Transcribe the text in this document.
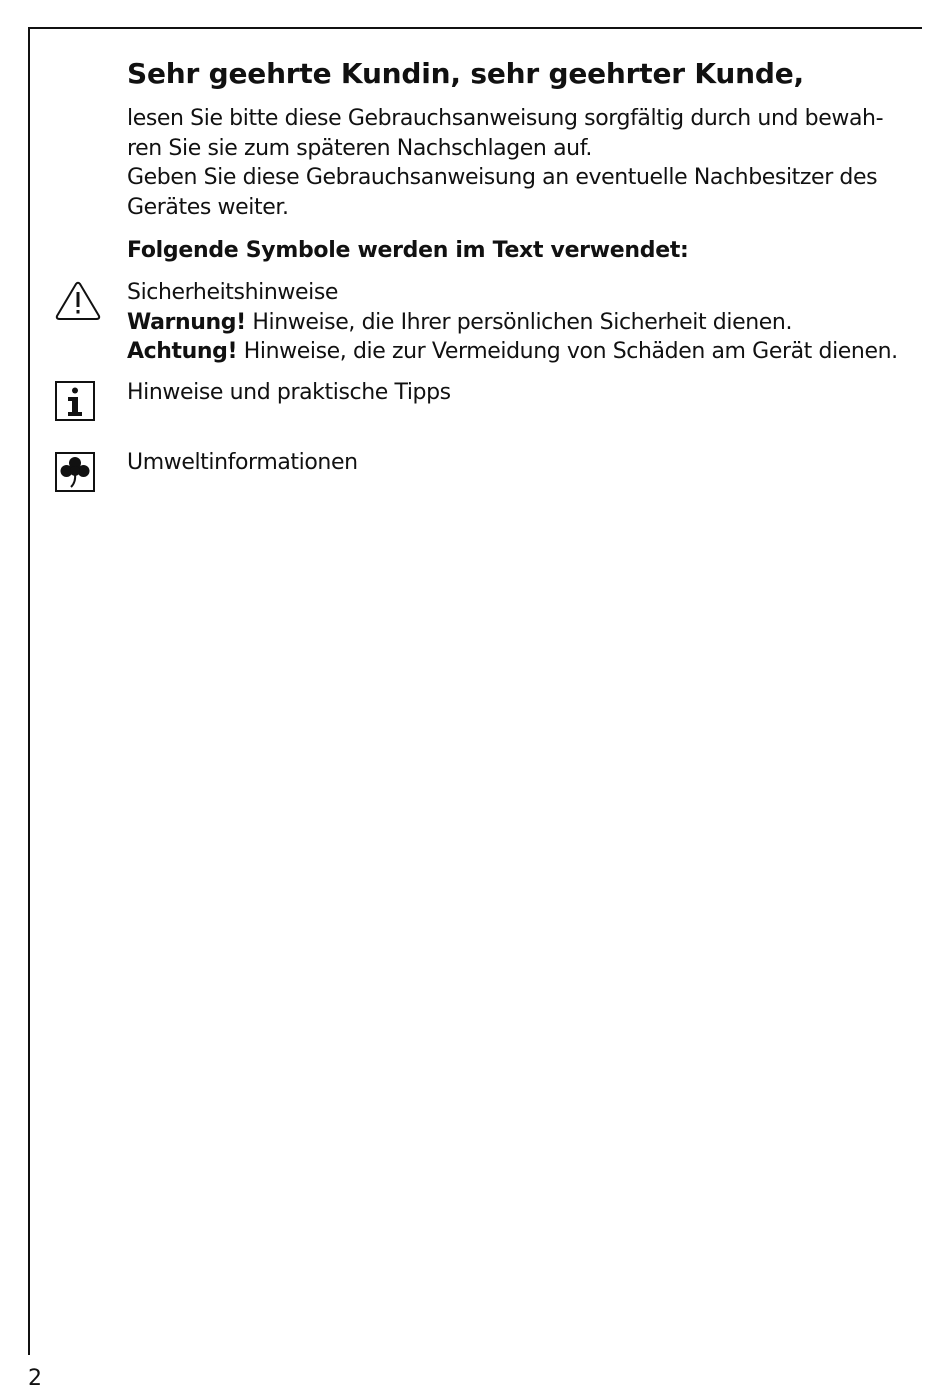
Sehr geehrte Kundin, sehr geehrter Kunde,
lesen Sie bitte diese Gebrauchsanweisung sorgfältig durch und bewah-
ren Sie sie zum späteren Nachschlagen auf.
Geben Sie diese Gebrauchsanweisung an eventuelle Nachbesitzer des
Gerätes weiter.
Folgende Symbole werden im Text verwendet:
Sicherheitshinweise
Warnung! Hinweise, die Ihrer persönlichen Sicherheit dienen.
Achtung! Hinweise, die zur Vermeidung von Schäden am Gerät dienen.
Hinweise und praktische Tipps
Umweltinformationen
2
